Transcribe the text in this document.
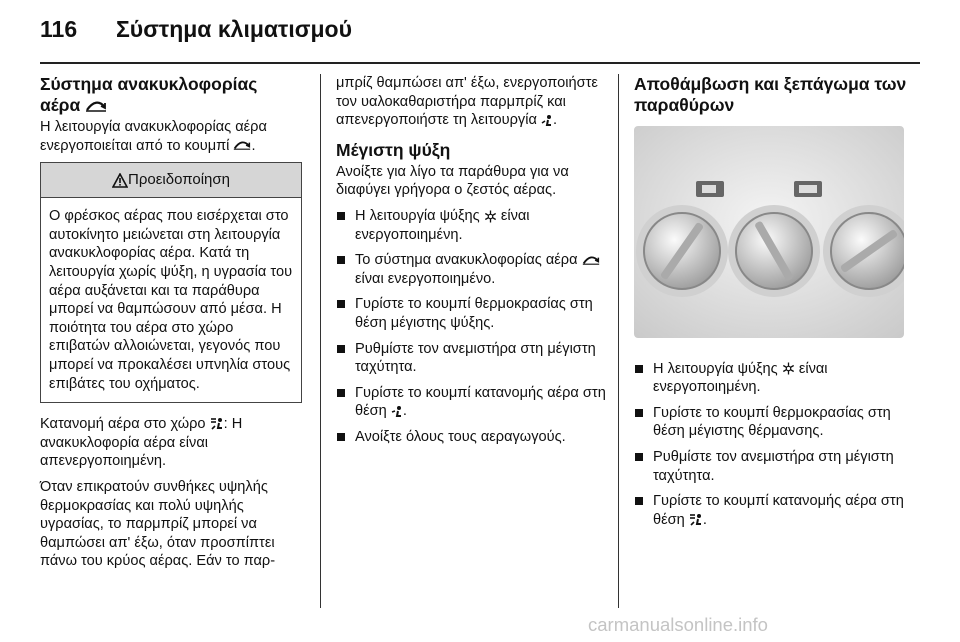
116 Σύστημα κλιματισμού
Σύστημα ανακυκλοφορίας
αέρα

Η λειτουργία ανακυκλοφορίας αέρα ενεργοποιείται από το κουμπί .

Προειδοποίηση
Ο φρέσκος αέρας που εισέρχεται στο αυτοκίνητο μειώνεται στη λειτουργία ανακυκλοφορίας αέρα. Κατά τη λειτουργία χωρίς ψύξη, η υγρασία του αέρα αυξάνεται και τα παράθυρα μπορεί να θαμπώσουν από μέσα. Η ποιότητα του αέρα στο χώρο επιβατών αλλοιώνεται, γεγονός που μπορεί να προκαλέσει υπνηλία στους επιβάτες του οχήματος.

Κατανομή αέρα στο χώρο : Η ανακυκλοφορία αέρα είναι απενεργοποιημένη.

Όταν επικρατούν συνθήκες υψηλής θερμοκρασίας και πολύ υψηλής υγρασίας, το παρμπρίζ μπορεί να θαμπώσει απ' έξω, όταν προσπίπτει πάνω του κρύος αέρας. Εάν το παρ-

μπρίζ θαμπώσει απ' έξω, ενεργοποιήστε τον υαλοκαθαριστήρα παρμπρίζ και απενεργοποιήστε τη λειτουργία .

Μέγιστη ψύξη

Ανοίξτε για λίγο τα παράθυρα για να διαφύγει γρήγορα ο ζεστός αέρας.

Η λειτουργία ψύξης είναι ενεργοποιημένη.
Το σύστημα ανακυκλοφορίας αέρα  είναι ενεργοποιημένο.
Γυρίστε το κουμπί θερμοκρασίας στη θέση μέγιστης ψύξης.
Ρυθμίστε τον ανεμιστήρα στη μέγιστη ταχύτητα.
Γυρίστε το κουμπί κατανομής αέρα στη θέση .
Ανοίξτε όλους τους αεραγωγούς.
Αποθάμβωση και ξεπάγωμα των παραθύρων
Η λειτουργία ψύξης είναι ενεργοποιημένη.
Γυρίστε το κουμπί θερμοκρασίας στη θέση μέγιστης θέρμανσης.
Ρυθμίστε τον ανεμιστήρα στη μέγιστη ταχύτητα.
Γυρίστε το κουμπί κατανομής αέρα στη θέση .
carmanualsonline.info
